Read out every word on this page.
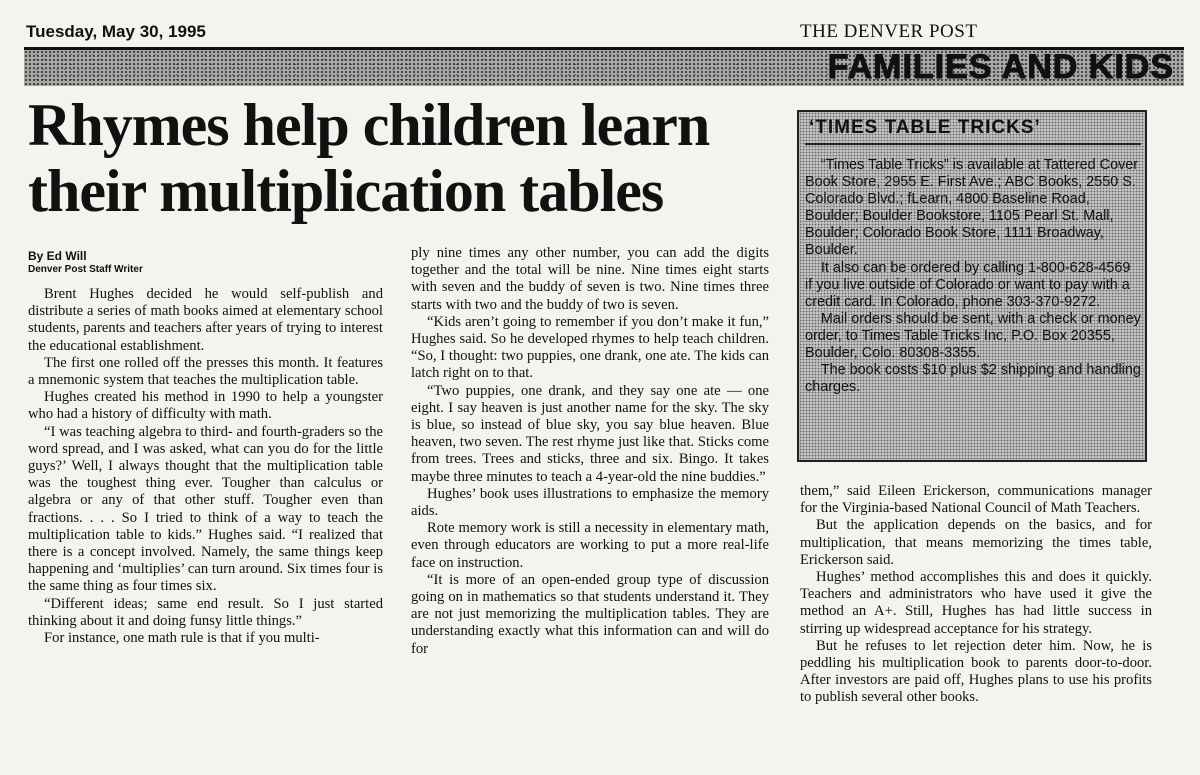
Tuesday, May 30, 1995	THE DENVER POST
FAMILIES AND KIDS
Rhymes help children learn their multiplication tables
By Ed Will
Denver Post Staff Writer

Brent Hughes decided he would self-publish and distribute a series of math books aimed at elementary school students, parents and teachers after years of trying to interest the educational establishment.

The first one rolled off the presses this month. It features a mnemonic system that teaches the multiplication table.

Hughes created his method in 1990 to help a youngster who had a history of difficulty with math.

“I was teaching algebra to third- and fourth-graders so the word spread, and I was asked, what can you do for the little guys?’ Well, I always thought that the multiplication table was the toughest thing ever. Tougher than calculus or algebra or any of that other stuff. Tougher even than fractions. . . . So I tried to think of a way to teach the multiplication table to kids.” Hughes said. “I realized that there is a concept involved. Namely, the same things keep happening and ‘multiplies’ can turn around. Six times four is the same thing as four times six.

“Different ideas; same end result. So I just started thinking about it and doing funsy little things.”

For instance, one math rule is that if you multi-

ply nine times any other number, you can add the digits together and the total will be nine. Nine times eight starts with seven and the buddy of seven is two. Nine times three starts with two and the buddy of two is seven.

“Kids aren’t going to remember if you don’t make it fun,” Hughes said. So he developed rhymes to help teach children. “So, I thought: two puppies, one drank, one ate. The kids can latch right on to that.

“Two puppies, one drank, and they say one ate — one eight. I say heaven is just another name for the sky. The sky is blue, so instead of blue sky, you say blue heaven. Blue heaven, two seven. The rest rhyme just like that. Sticks come from trees. Trees and sticks, three and six. Bingo. It takes maybe three minutes to teach a 4-year-old the nine buddies.”

Hughes’ book uses illustrations to emphasize the memory aids.

Rote memory work is still a necessity in elementary math, even through educators are working to put a more real-life face on instruction.

“It is more of an open-ended group type of discussion going on in mathematics so that students understand it. They are not just memorizing the multiplication tables. They are understanding exactly what this information can and will do for

‘TIMES TABLE TRICKS’

“Times Table Tricks” is available at Tattered Cover Book Store, 2955 E. First Ave.; ABC Books, 2550 S. Colorado Blvd.; fLearn, 4800 Baseline Road, Boulder; Boulder Bookstore, 1105 Pearl St. Mall, Boulder; Colorado Book Store, 1111 Broadway, Boulder.

It also can be ordered by calling 1-800-628-4569 if you live outside of Colorado or want to pay with a credit card. In Colorado, phone 303-370-9272.

Mail orders should be sent, with a check or money order, to Times Table Tricks Inc, P.O. Box 20355, Boulder, Colo. 80308-3355.

The book costs $10 plus $2 shipping and handling charges.

them,” said Eileen Erickerson, communications manager for the Virginia-based National Council of Math Teachers.

But the application depends on the basics, and for multiplication, that means memorizing the times table, Erickerson said.

Hughes’ method accomplishes this and does it quickly. Teachers and administrators who have used it give the method an A+. Still, Hughes has had little success in stirring up widespread acceptance for his strategy.

But he refuses to let rejection deter him. Now, he is peddling his multiplication book to parents door-to-door. After investors are paid off, Hughes plans to use his profits to publish several other books.
